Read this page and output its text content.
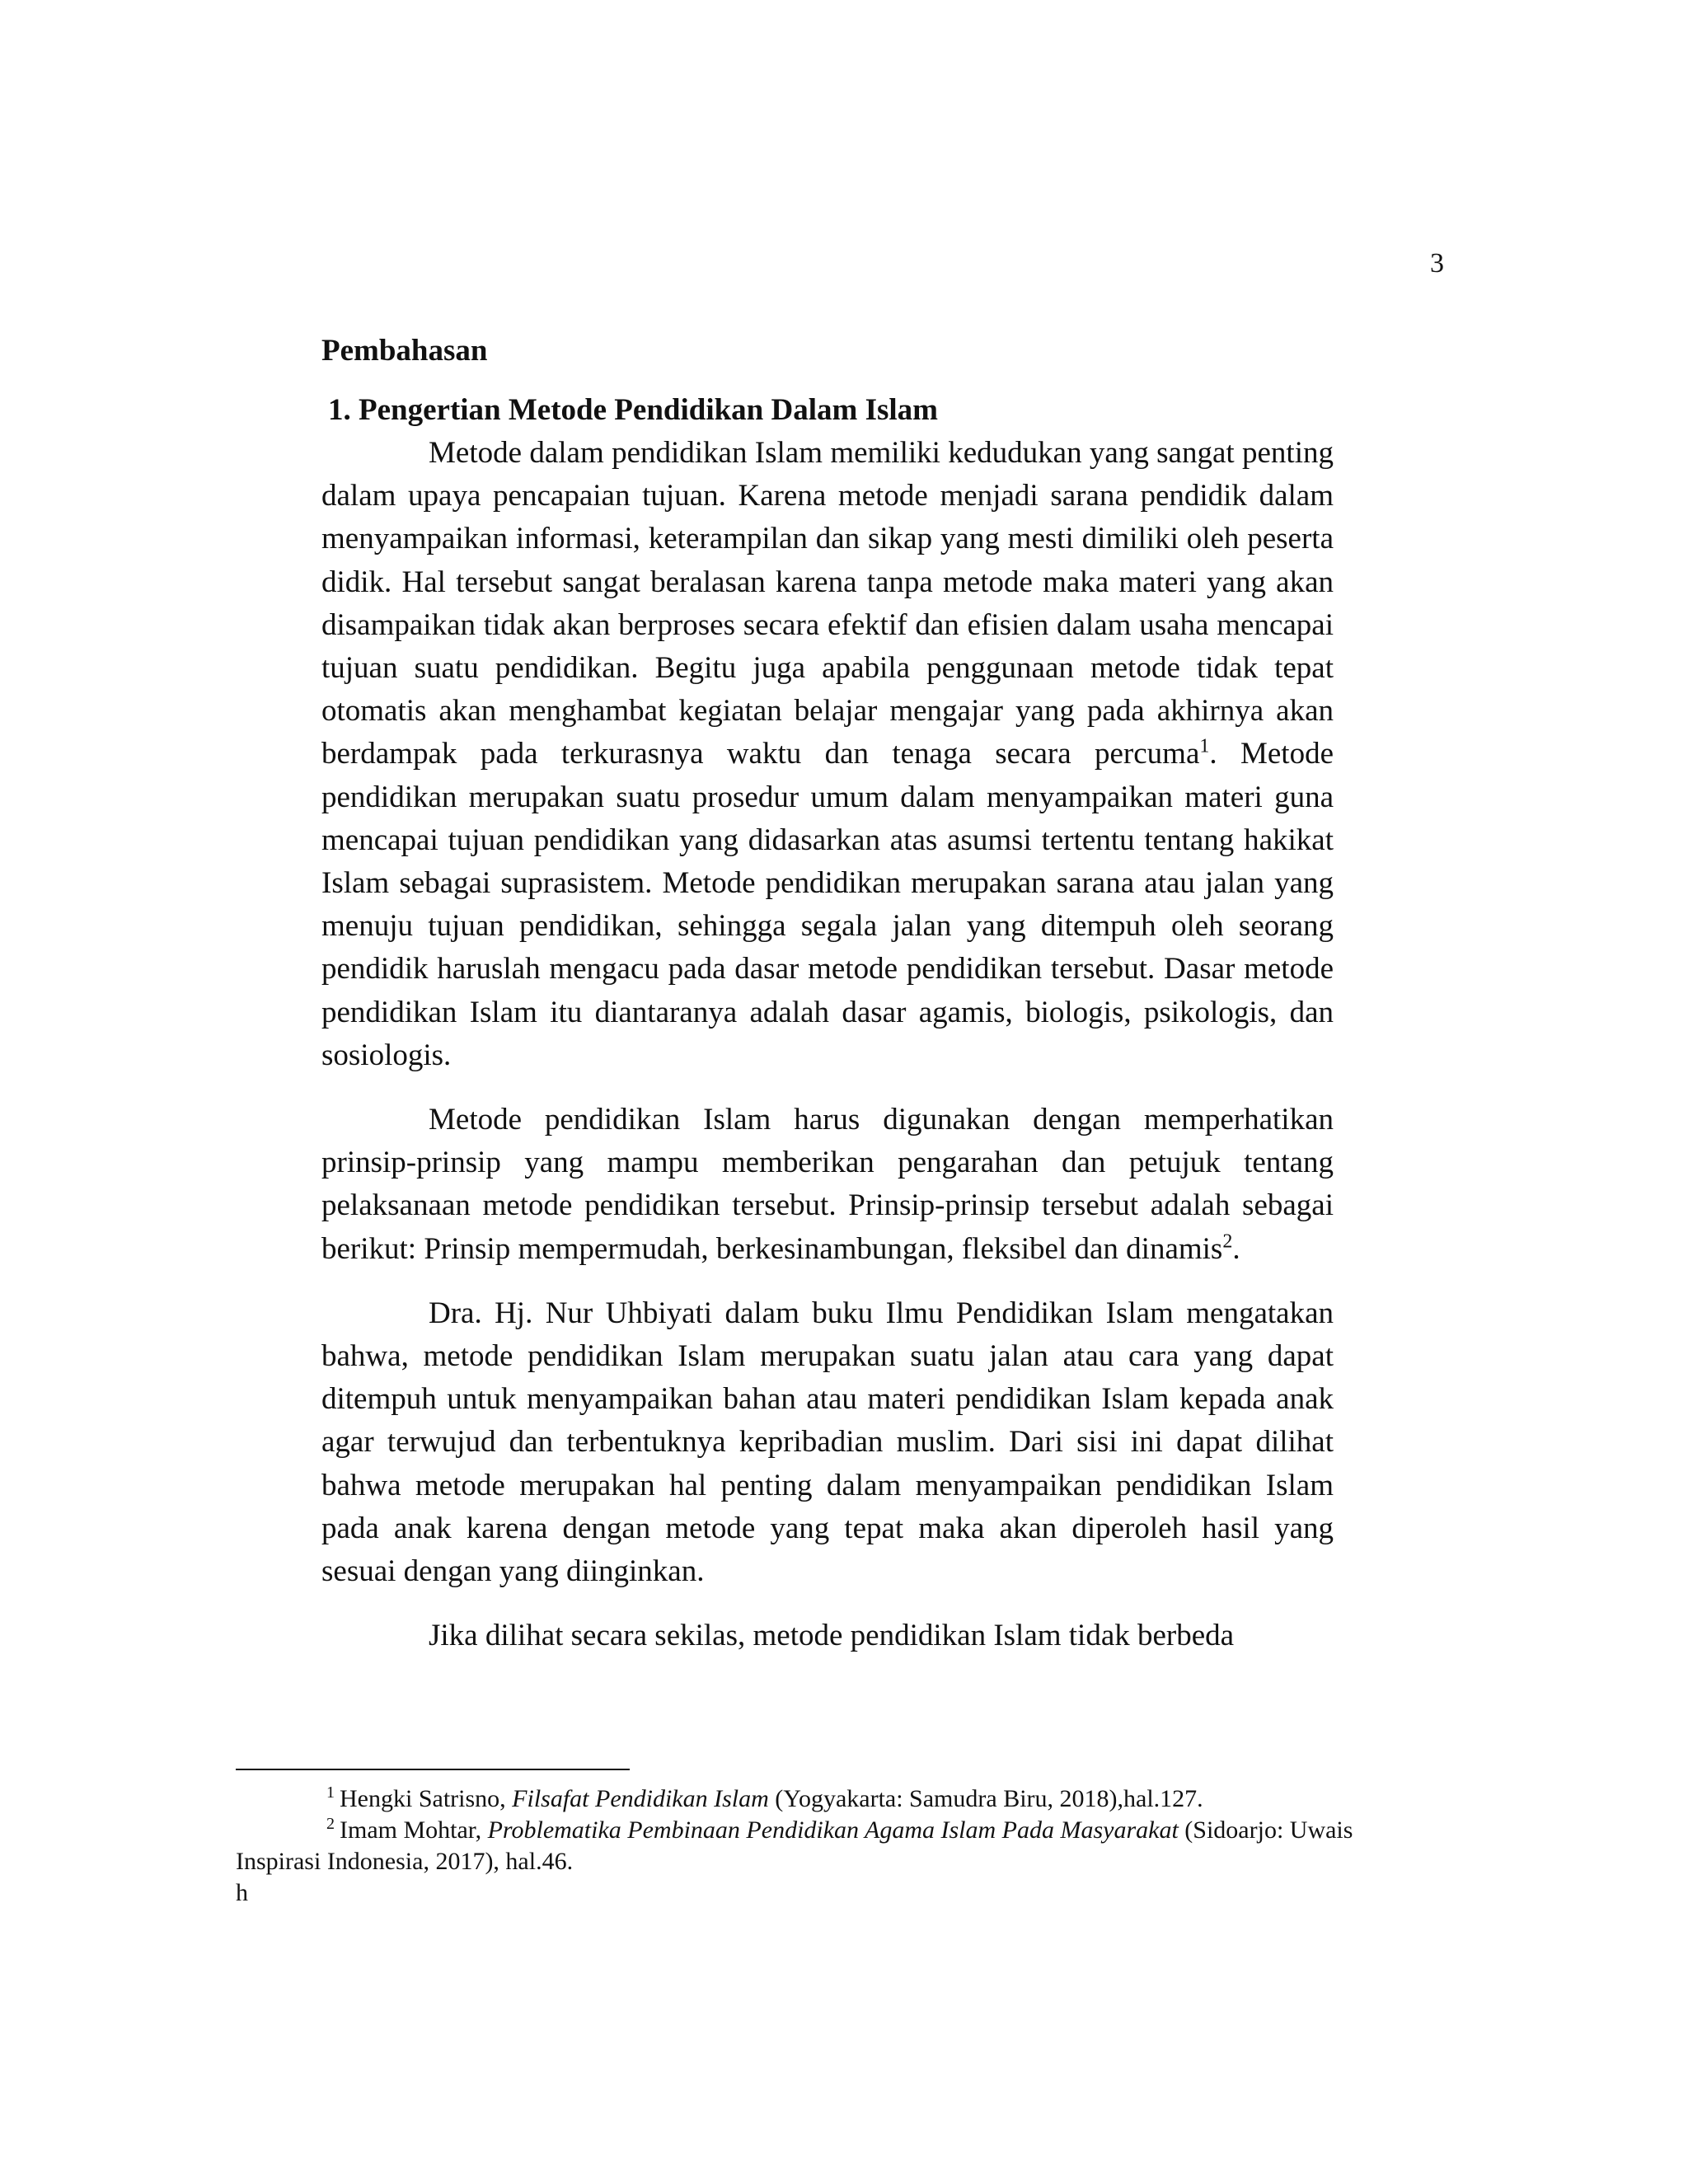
3
Pembahasan
1. Pengertian Metode Pendidikan Dalam Islam

Metode dalam pendidikan Islam memiliki kedudukan yang sangat penting dalam upaya pencapaian tujuan. Karena metode menjadi sarana pendidik dalam menyampaikan informasi, keterampilan dan sikap yang mesti dimiliki oleh peserta didik. Hal tersebut sangat beralasan karena tanpa metode maka materi yang akan disampaikan tidak akan berproses secara efektif dan efisien dalam usaha mencapai tujuan suatu pendidikan. Begitu juga apabila penggunaan metode tidak tepat otomatis akan menghambat kegiatan belajar mengajar yang pada akhirnya akan berdampak pada terkurasnya waktu dan tenaga secara percuma$^1$. Metode pendidikan merupakan suatu prosedur umum dalam menyampaikan materi guna mencapai tujuan pendidikan yang didasarkan atas asumsi tertentu tentang hakikat Islam sebagai suprasistem. Metode pendidikan merupakan sarana atau jalan yang menuju tujuan pendidikan, sehingga segala jalan yang ditempuh oleh seorang pendidik haruslah mengacu pada dasar metode pendidikan tersebut. Dasar metode pendidikan Islam itu diantaranya adalah dasar agamis, biologis, psikologis, dan sosiologis.

Metode pendidikan Islam harus digunakan dengan memperhatikan prinsip-prinsip yang mampu memberikan pengarahan dan petujuk tentang pelaksanaan metode pendidikan tersebut. Prinsip-prinsip tersebut adalah sebagai berikut: Prinsip mempermudah, berkesinambungan, fleksibel dan dinamis$^2$.

Dra. Hj. Nur Uhbiyati dalam buku Ilmu Pendidikan Islam mengatakan bahwa, metode pendidikan Islam merupakan suatu jalan atau cara yang dapat ditempuh untuk menyampaikan bahan atau materi pendidikan Islam kepada anak agar terwujud dan terbentuknya kepribadian muslim. Dari sisi ini dapat dilihat bahwa metode merupakan hal penting dalam menyampaikan pendidikan Islam pada anak karena dengan metode yang tepat maka akan diperoleh hasil yang sesuai dengan yang diinginkan.

Jika dilihat secara sekilas, metode pendidikan Islam tidak berbeda

$^1$ Hengki Satrisno, Filsafat Pendidikan Islam (Yogyakarta: Samudra Biru, 2018),hal.127.

$^2$ Imam Mohtar, Problematika Pembinaan Pendidikan Agama Islam Pada Masyarakat (Sidoarjo: Uwais Inspirasi Indonesia, 2017), hal.46.

h
